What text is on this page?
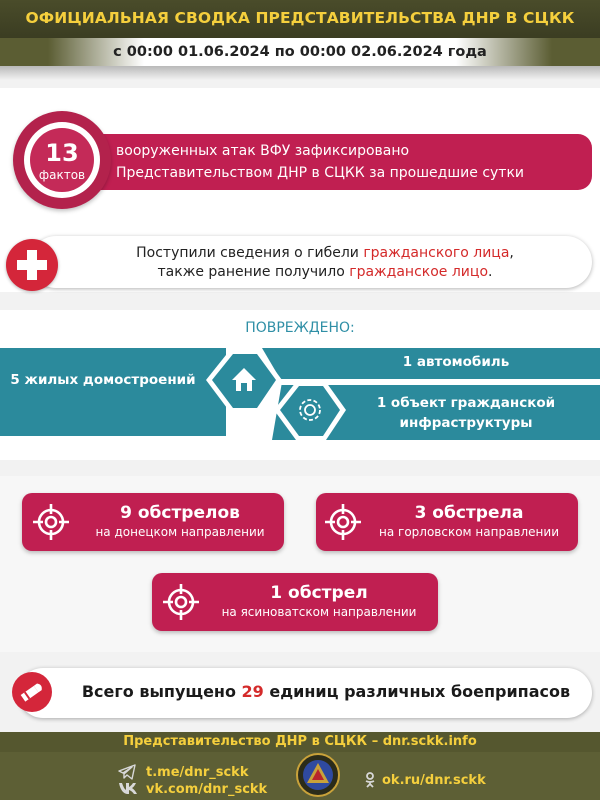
ОФИЦИАЛЬНАЯ СВОДКА ПРЕДСТАВИТЕЛЬСТВА ДНР В СЦКК
с 00:00 01.06.2024 по 00:00 02.06.2024 года
вооруженных атак ВФУ зафиксировано
Представительством ДНР в СЦКК за прошедшие сутки
13
фактов
Поступили сведения о гибели гражданского лица,
также ранение получило гражданское лицо.
ПОВРЕЖДЕНО:
5 жилых домостроений
1 автомобиль
1 объект гражданской
инфраструктуры
9 обстрелов
на донецком направлении
3 обстрела
на горловском направлении
1 обстрел
на ясиноватском направлении
Всего выпущено 29 единиц различных боеприпасов
Представительство ДНР в СЦКК – dnr.sckk.info
t.me/dnr_sckk
vk.com/dnr_sckk
ok.ru/dnr.sckk
